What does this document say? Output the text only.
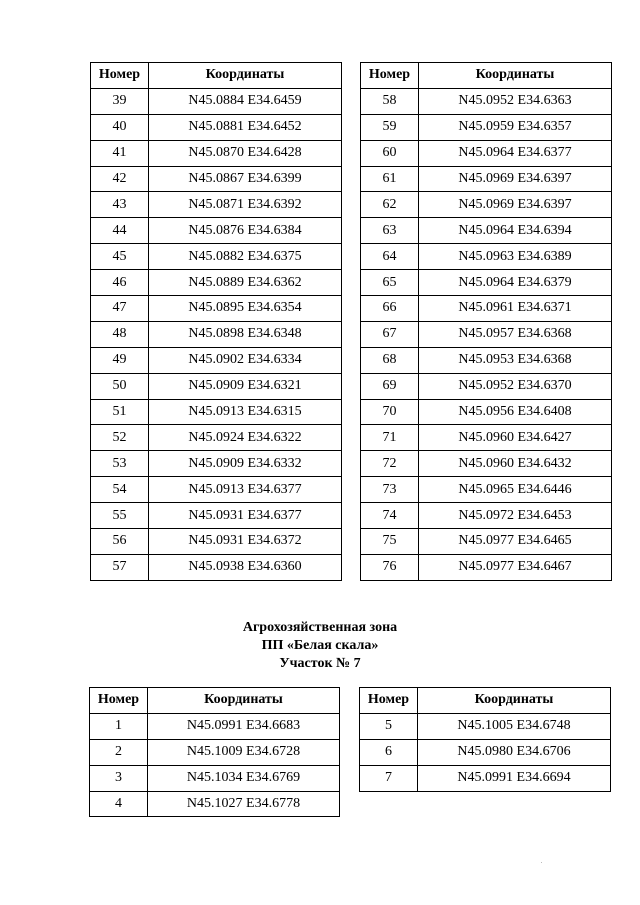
Номер	Координаты
39	N45.0884 E34.6459
40	N45.0881 E34.6452
41	N45.0870 E34.6428
42	N45.0867 E34.6399
43	N45.0871 E34.6392
44	N45.0876 E34.6384
45	N45.0882 E34.6375
46	N45.0889 E34.6362
47	N45.0895 E34.6354
48	N45.0898 E34.6348
49	N45.0902 E34.6334
50	N45.0909 E34.6321
51	N45.0913 E34.6315
52	N45.0924 E34.6322
53	N45.0909 E34.6332
54	N45.0913 E34.6377
55	N45.0931 E34.6377
56	N45.0931 E34.6372
57	N45.0938 E34.6360
Номер	Координаты
58	N45.0952 E34.6363
59	N45.0959 E34.6357
60	N45.0964 E34.6377
61	N45.0969 E34.6397
62	N45.0969 E34.6397
63	N45.0964 E34.6394
64	N45.0963 E34.6389
65	N45.0964 E34.6379
66	N45.0961 E34.6371
67	N45.0957 E34.6368
68	N45.0953 E34.6368
69	N45.0952 E34.6370
70	N45.0956 E34.6408
71	N45.0960 E34.6427
72	N45.0960 E34.6432
73	N45.0965 E34.6446
74	N45.0972 E34.6453
75	N45.0977 E34.6465
76	N45.0977 E34.6467
Агрохозяйственная зона
ПП «Белая скала»
Участок № 7
Номер	Координаты
1	N45.0991 E34.6683
2	N45.1009 E34.6728
3	N45.1034 E34.6769
4	N45.1027 E34.6778
Номер	Координаты
5	N45.1005 E34.6748
6	N45.0980 E34.6706
7	N45.0991 E34.6694
